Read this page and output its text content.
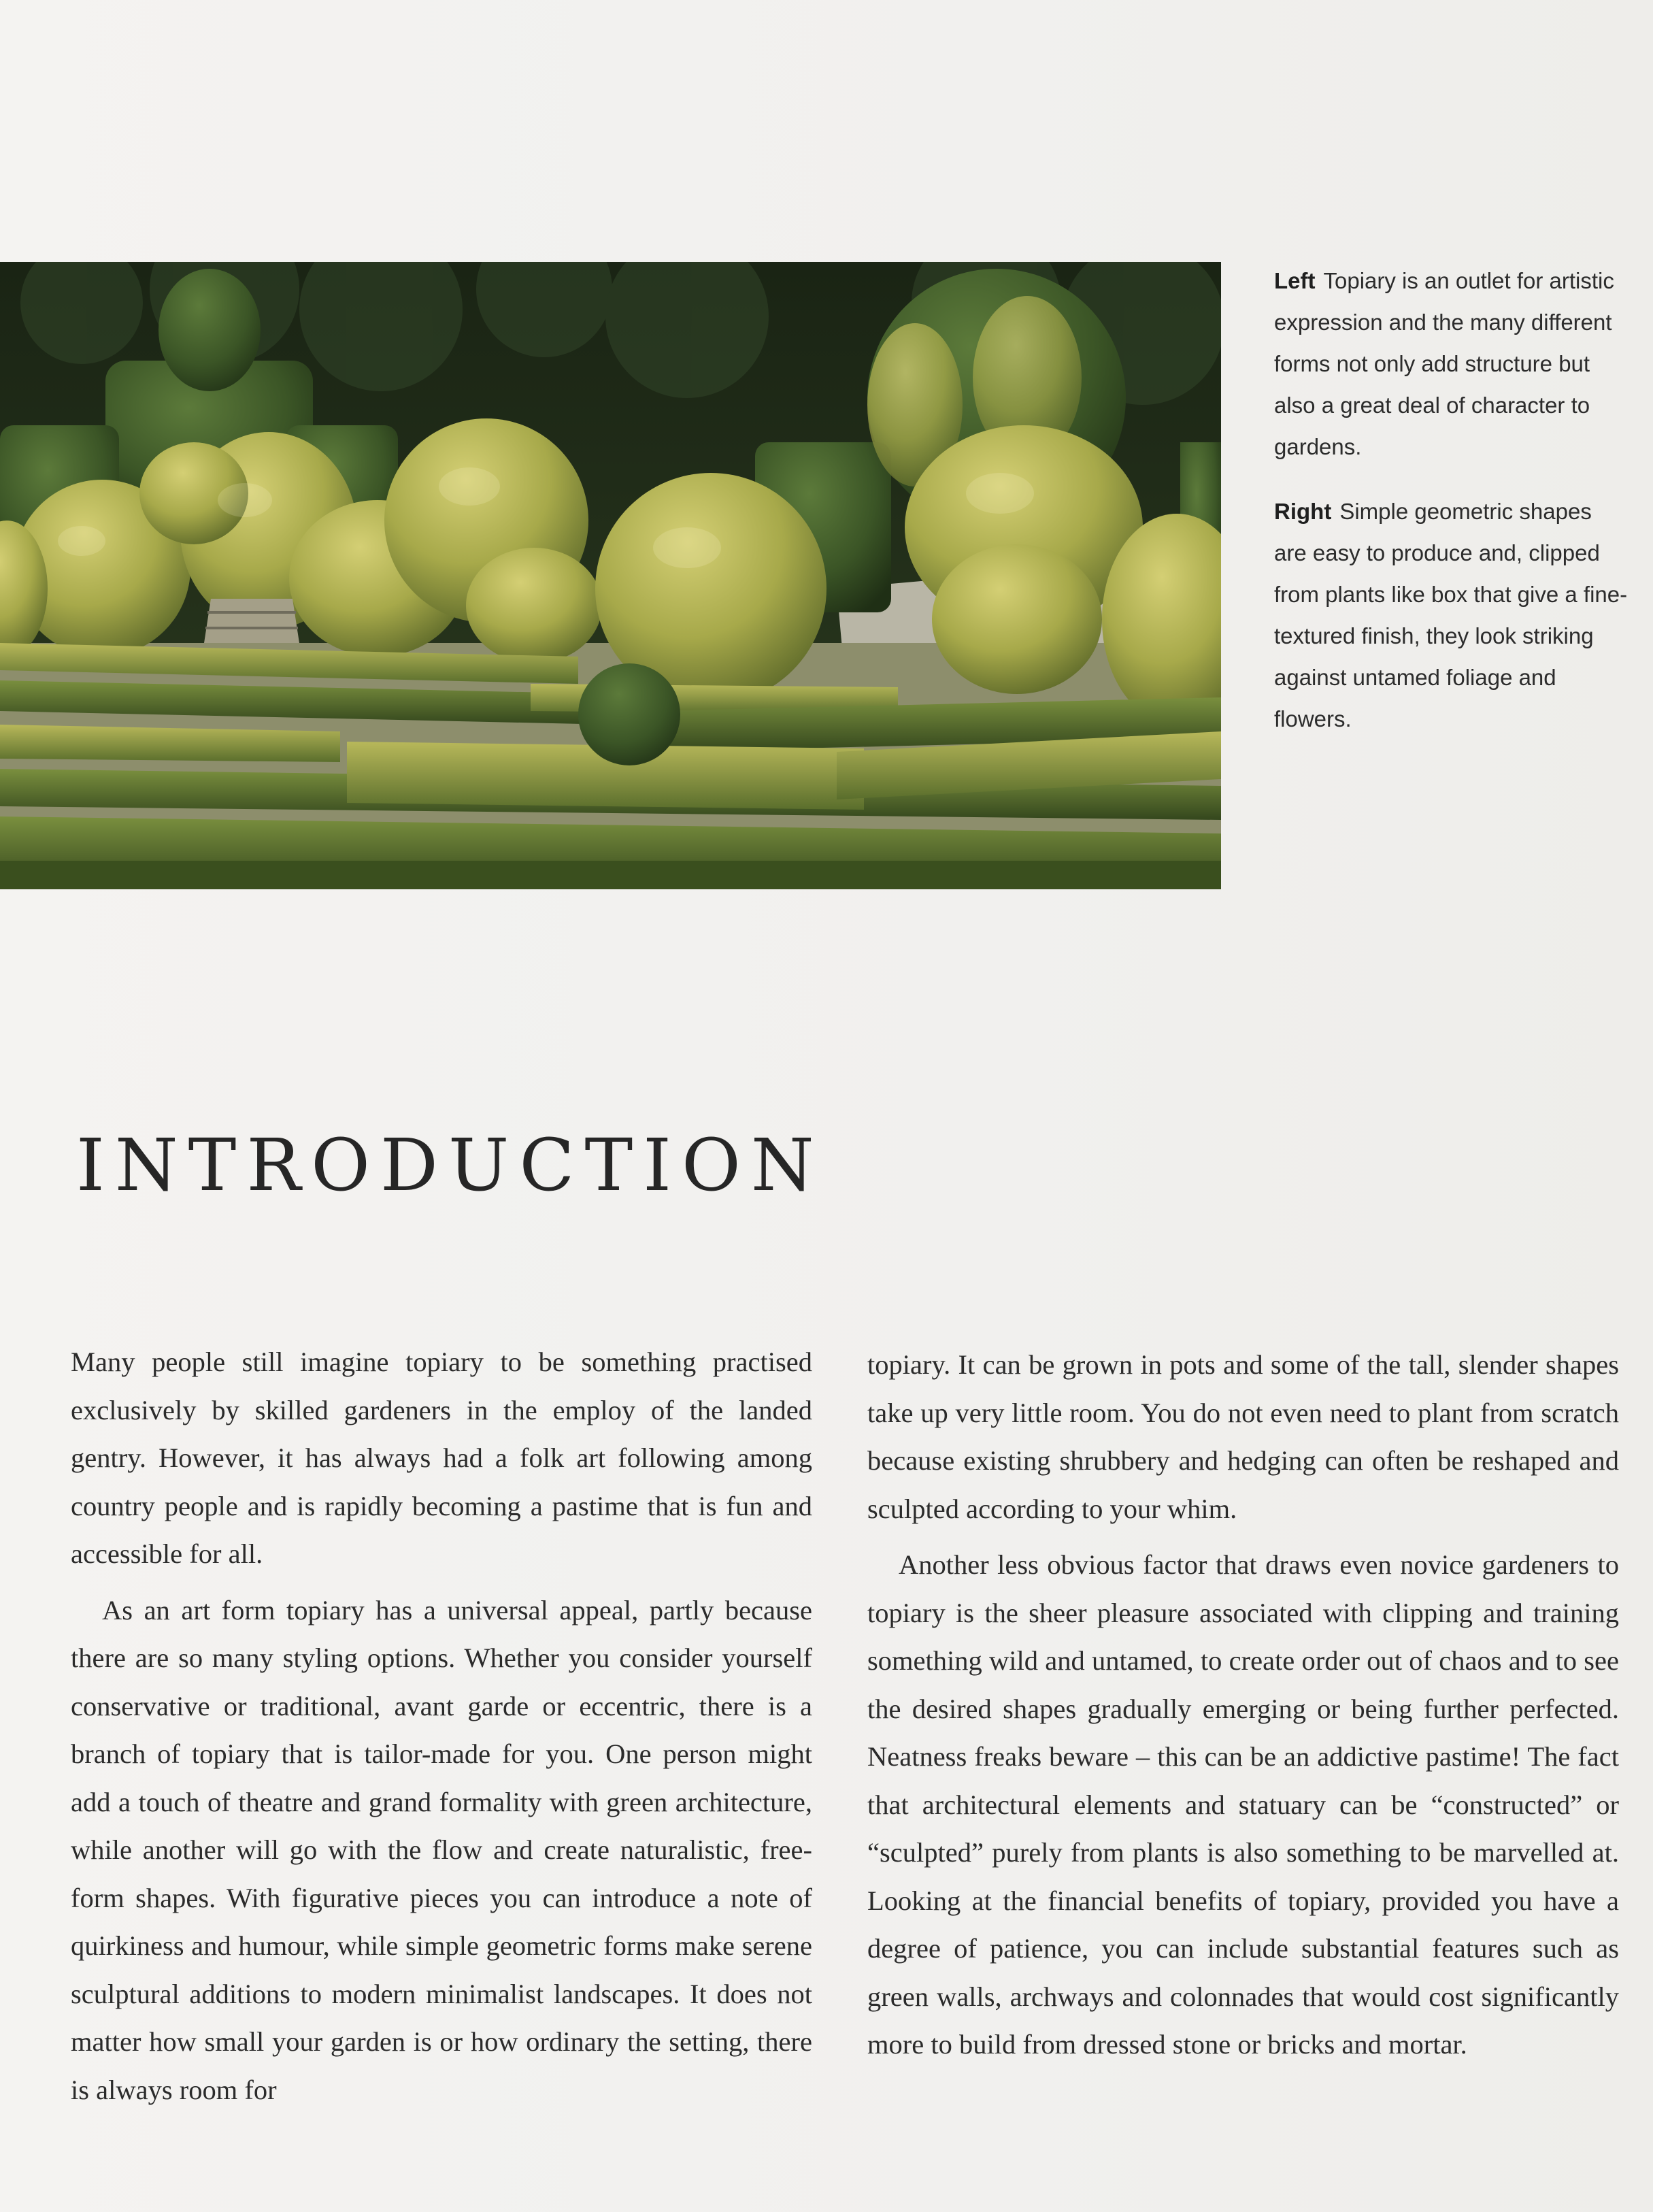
Left Topiary is an outlet for artistic expression and the many different forms not only add structure but also a great deal of character to gardens.

Right Simple geometric shapes are easy to produce and, clipped from plants like box that give a fine-textured finish, they look striking against untamed foliage and flowers.

INTRODUCTION

Many people still imagine topiary to be something practised exclusively by skilled gardeners in the employ of the landed gentry. However, it has always had a folk art following among country people and is rapidly becoming a pastime that is fun and accessible for all.

As an art form topiary has a universal appeal, partly because there are so many styling options. Whether you consider yourself conservative or traditional, avant garde or eccentric, there is a branch of topiary that is tailor-made for you. One person might add a touch of theatre and grand formality with green architecture, while another will go with the flow and create naturalistic, free-form shapes. With figurative pieces you can introduce a note of quirkiness and humour, while simple geometric forms make serene sculptural additions to modern minimalist landscapes. It does not matter how small your garden is or how ordinary the setting, there is always room for

topiary. It can be grown in pots and some of the tall, slender shapes take up very little room. You do not even need to plant from scratch because existing shrubbery and hedging can often be reshaped and sculpted according to your whim.

Another less obvious factor that draws even novice gardeners to topiary is the sheer pleasure associated with clipping and training something wild and untamed, to create order out of chaos and to see the desired shapes gradually emerging or being further perfected. Neatness freaks beware – this can be an addictive pastime! The fact that architectural elements and statuary can be “constructed” or “sculpted” purely from plants is also something to be marvelled at. Looking at the financial benefits of topiary, provided you have a degree of patience, you can include substantial features such as green walls, archways and colonnades that would cost significantly more to build from dressed stone or bricks and mortar.
